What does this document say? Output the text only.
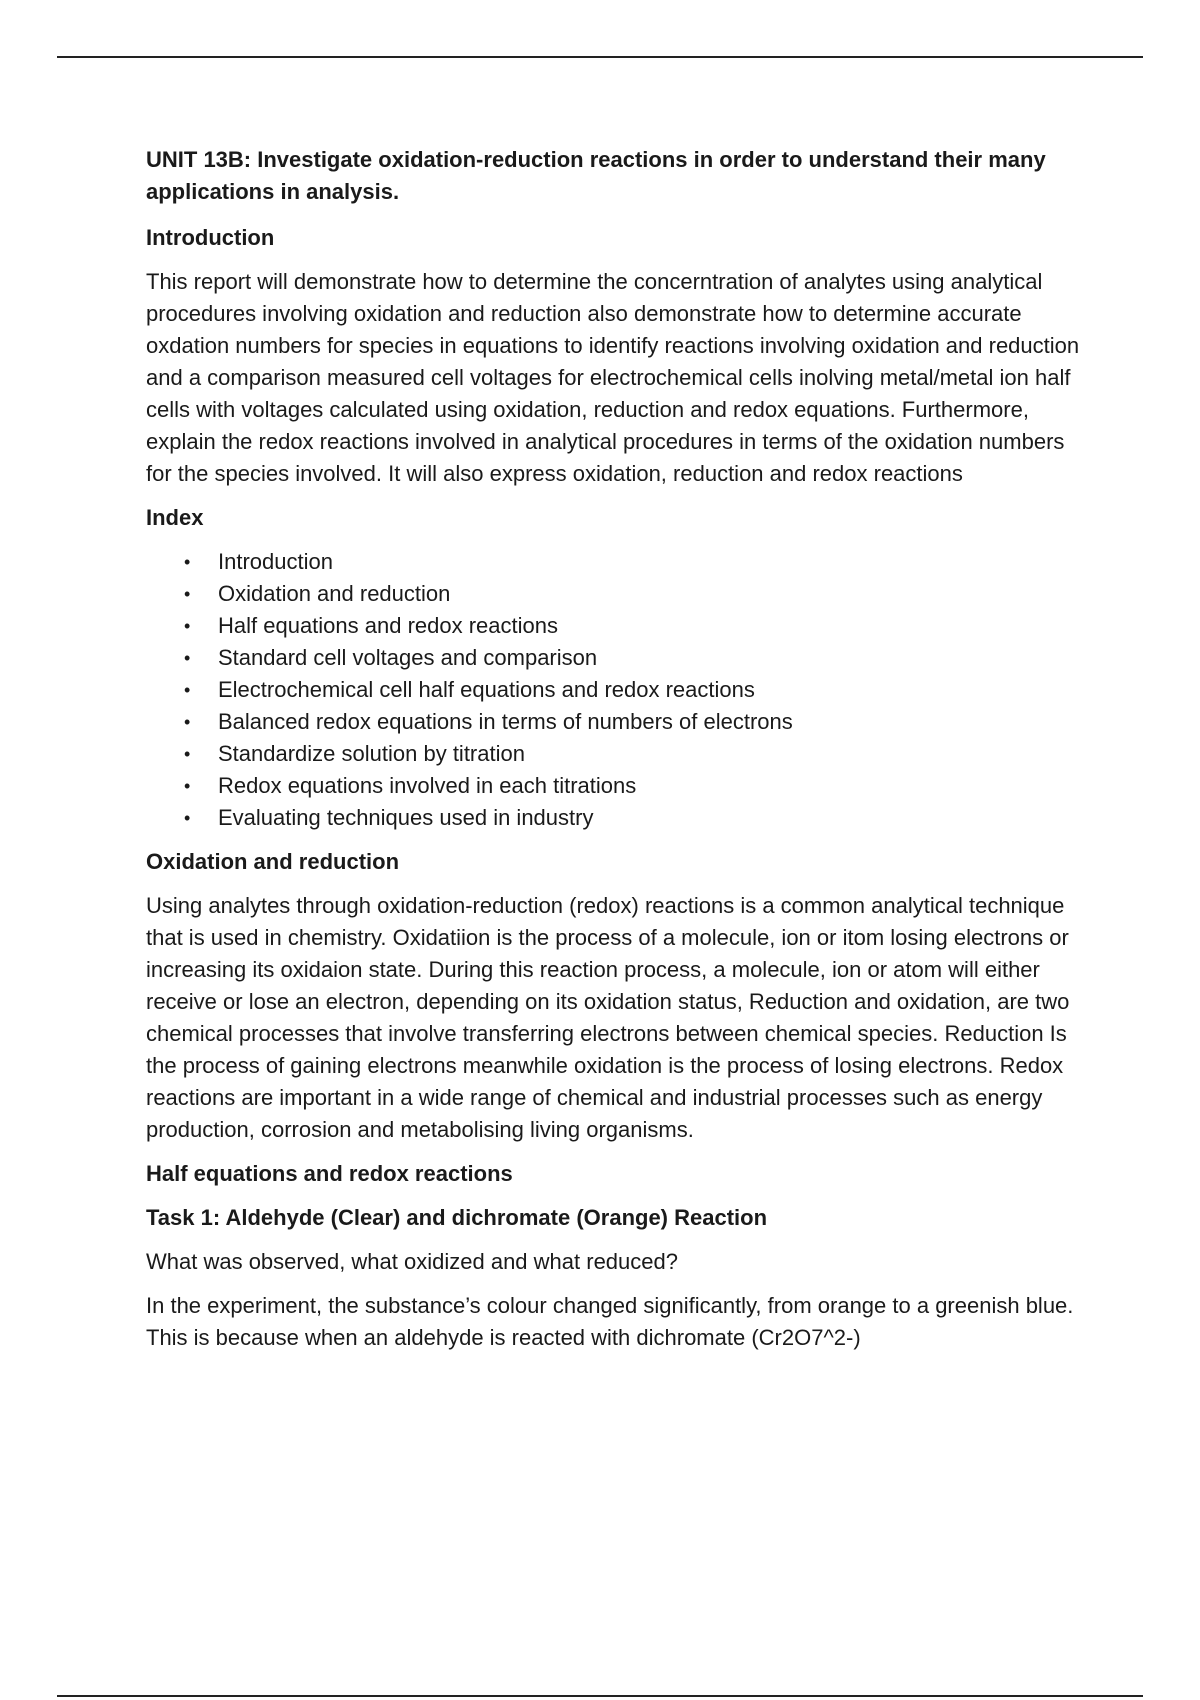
UNIT 13B: Investigate oxidation-reduction reactions in order to understand their many applications in analysis.
Introduction
This report will demonstrate how to determine the concerntration of analytes using analytical procedures involving oxidation and reduction also demonstrate how to determine accurate oxdation numbers for species in equations to identify reactions involving oxidation and reduction and a comparison measured cell voltages for electrochemical cells inolving metal/metal ion half cells with voltages calculated using oxidation, reduction and redox equations. Furthermore, explain the redox reactions involved in analytical procedures in terms of the oxidation numbers for the species involved. It will also express oxidation, reduction and redox reactions
Index
• Introduction
• Oxidation and reduction
• Half equations and redox reactions
• Standard cell voltages and comparison
• Electrochemical cell half equations and redox reactions
• Balanced redox equations in terms of numbers of electrons
• Standardize solution by titration
• Redox equations involved in each titrations
• Evaluating techniques used in industry
Oxidation and reduction
Using analytes through oxidation-reduction (redox) reactions is a common analytical technique that is used in chemistry. Oxidatiion is the process of a molecule, ion or itom losing electrons or increasing its oxidaion state. During this reaction process, a molecule, ion or atom will either receive or lose an electron, depending on its oxidation status, Reduction and oxidation, are two chemical processes that involve transferring electrons between chemical species. Reduction Is the process of gaining electrons meanwhile oxidation is the process of losing electrons. Redox reactions are important in a wide range of chemical and industrial processes such as energy production, corrosion and metabolising living organisms.
Half equations and redox reactions
Task 1: Aldehyde (Clear) and dichromate (Orange) Reaction
What was observed, what oxidized and what reduced?
In the experiment, the substance’s colour changed significantly, from orange to a greenish blue. This is because when an aldehyde is reacted with dichromate (Cr2O7^2-)
